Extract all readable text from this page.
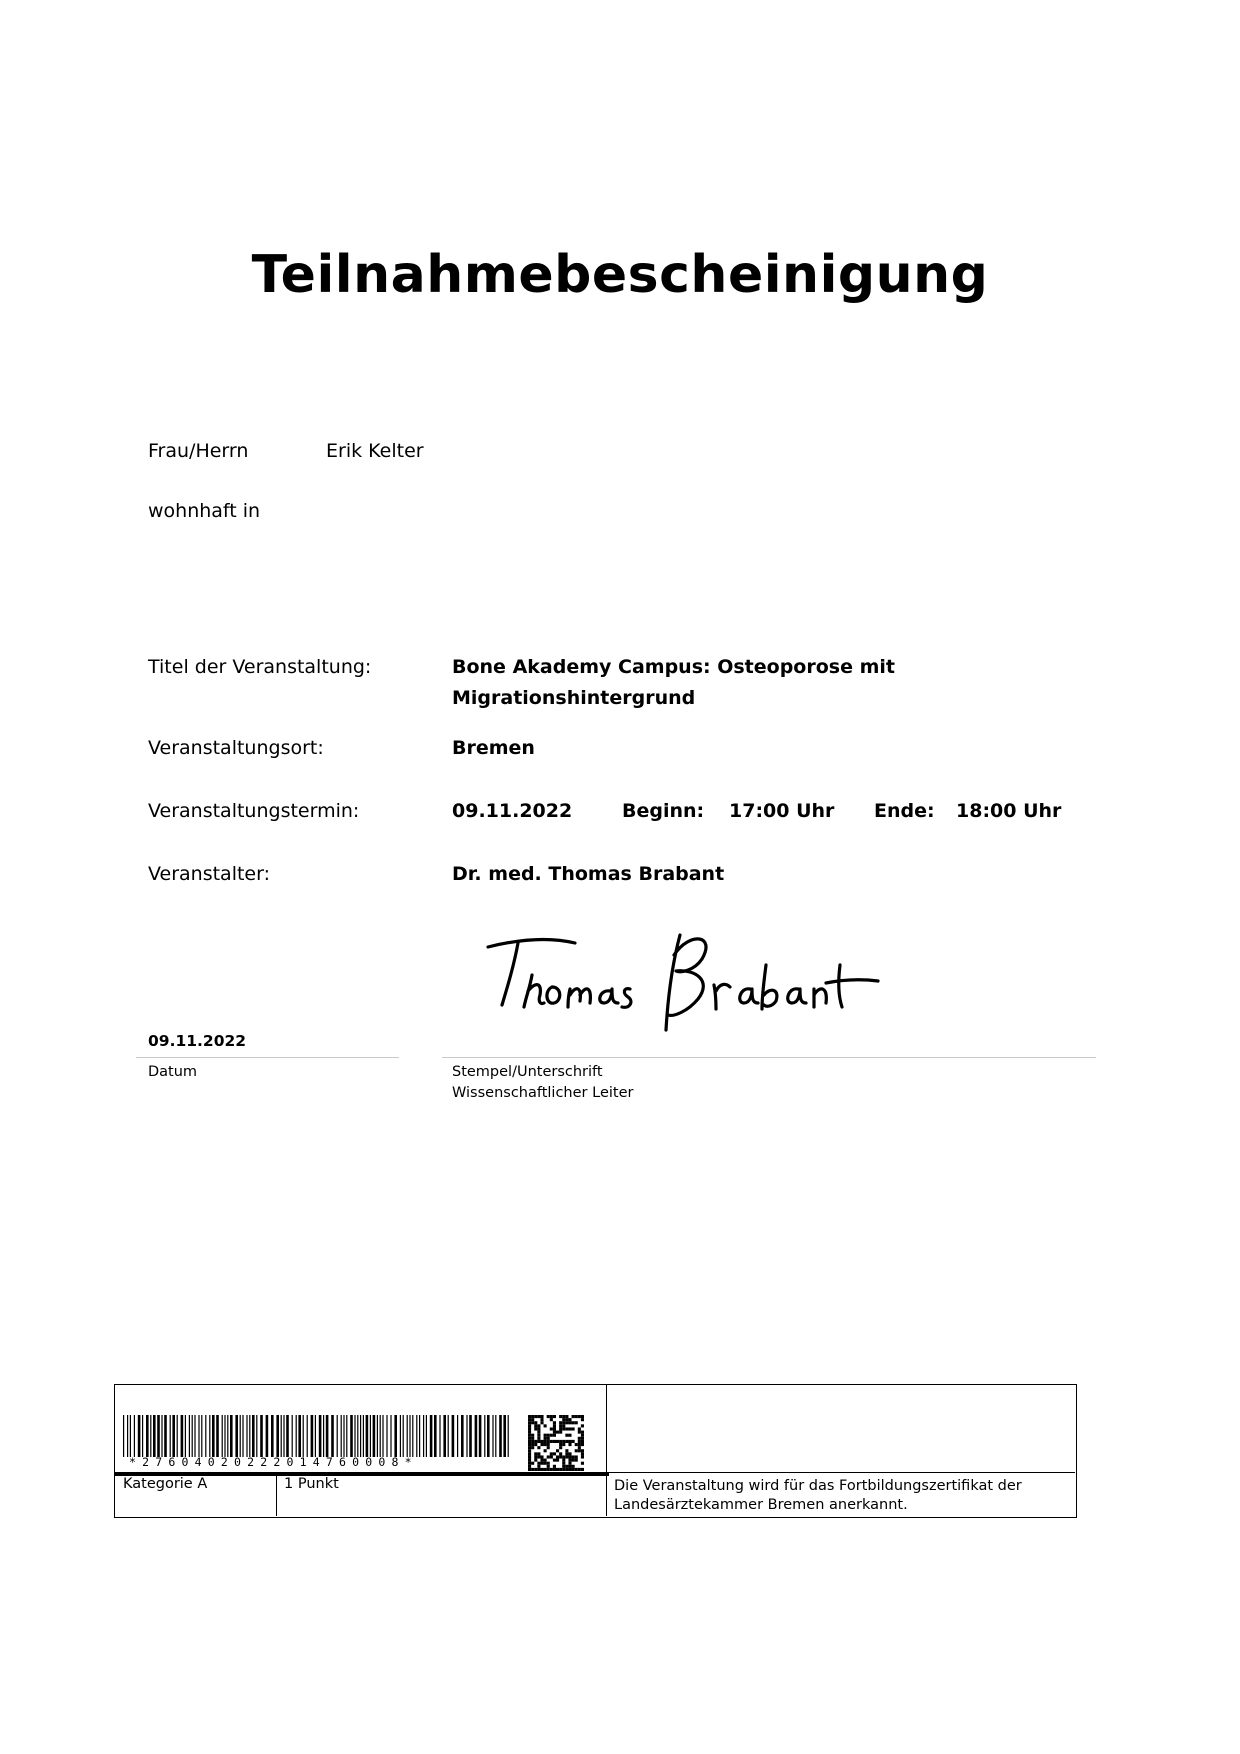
Teilnahmebescheinigung
Frau/Herrn	Erik Kelter
wohnhaft in
Titel der Veranstaltung:	Bone Akademy Campus: Osteoporose mit
Migrationshintergrund
Veranstaltungsort:	Bremen
Veranstaltungstermin:	09.11.2022	Beginn: 17:00 Uhr Ende: 18:00 Uhr
Veranstalter:	Dr. med. Thomas Brabant
09.11.2022
Datum	Stempel/Unterschrift
Wissenschaftlicher Leiter
*2760402022201476000​8*
Kategorie A	1 Punkt	Die Veranstaltung wird für das Fortbildungszertifikat der
Landesärztekammer Bremen anerkannt.
